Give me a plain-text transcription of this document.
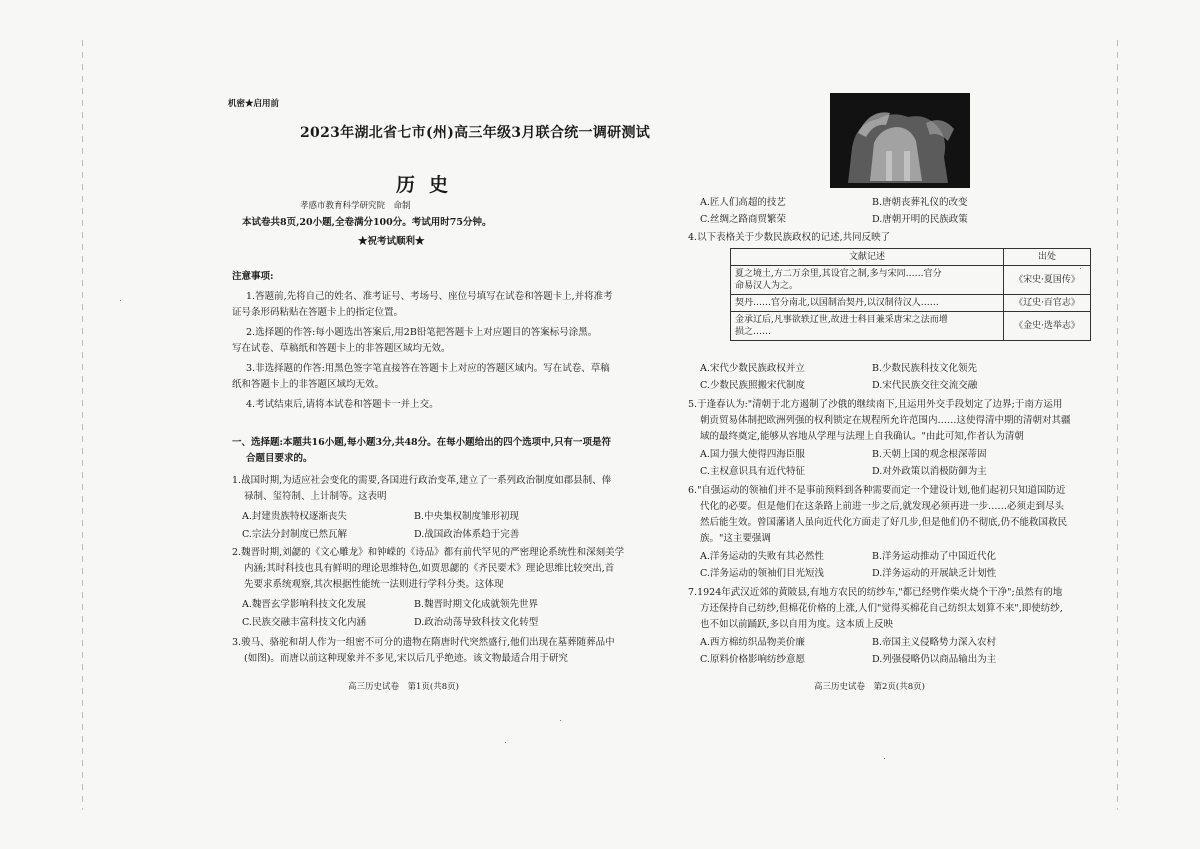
机密★启用前
2023年湖北省七市(州)高三年级3月联合统一调研测试
历史
孝感市教育科学研究院　命制
本试卷共8页,20小题,全卷满分100分。考试用时75分钟。
★祝考试顺利★
注意事项:
1.答题前,先将自己的姓名、准考证号、考场号、座位号填写在试卷和答题卡上,并将准考
证号条形码粘贴在答题卡上的指定位置。
2.选择题的作答:每小题选出答案后,用2B铅笔把答题卡上对应题目的答案标号涂黑。
写在试卷、草稿纸和答题卡上的非答题区域均无效。
3.非选择题的作答:用黑色签字笔直接答在答题卡上对应的答题区域内。写在试卷、草稿
纸和答题卡上的非答题区域均无效。
4.考试结束后,请将本试卷和答题卡一并上交。
一、选择题:本题共16小题,每小题3分,共48分。在每小题给出的四个选项中,只有一项是符
合题目要求的。
1.战国时期,为适应社会变化的需要,各国进行政治变革,建立了一系列政治制度如郡县制、俸
禄制、玺符制、上计制等。这表明
A.封建贵族特权逐渐丧失	B.中央集权制度雏形初现
C.宗法分封制度已然瓦解	D.战国政治体系趋于完善
2.魏晋时期,刘勰的《文心雕龙》和钟嵘的《诗品》都有前代罕见的严密理论系统性和深刻美学
内涵;其时科技也具有鲜明的理论思维特色,如贾思勰的《齐民要术》理论思维比较突出,首
先要求系统观察,其次根据性能统一法则进行学科分类。这体现
A.魏晋玄学影响科技文化发展	B.魏晋时期文化成就领先世界
C.民族交融丰富科技文化内涵	D.政治动荡导致科技文化转型
3.骏马、骆驼和胡人作为一组密不可分的遗物在隋唐时代突然盛行,他们出现在墓葬随葬品中
(如图)。而唐以前这种现象并不多见,宋以后几乎绝迹。该文物最适合用于研究
高三历史试卷　第1页(共8页)
A.匠人们高超的技艺	B.唐朝丧葬礼仪的改变
C.丝绸之路商贸繁荣	D.唐朝开明的民族政策
4.以下表格关于少数民族政权的记述,共同反映了
文献记述	出处

夏之境土,方二万余里,其设官之制,多与宋同……官分
命易汉人为之。	《宋史·夏国传》

契丹……官分南北,以国制治契丹,以汉制待汉人……	《辽史·百官志》

金承辽后,凡事欲轶辽世,故进士科目兼采唐宋之法而增
损之……	《金史·选举志》
A.宋代少数民族政权并立	B.少数民族科技文化领先
C.少数民族照搬宋代制度	D.宋代民族交往交流交融
5.于逢春认为:"清朝于北方遏制了沙俄的继续南下,且运用外交手段划定了边界;于南方运用
朝贡贸易体制把欧洲列强的权利锁定在规程所允许范围内……这使得清中期的清朝对其疆
域的最终奠定,能够从容地从学理与法理上自我确认。"由此可知,作者认为清朝
A.国力强大使得四海臣服	B.天朝上国的观念根深蒂固
C.主权意识具有近代特征	D.对外政策以消极防御为主
6."自强运动的领袖们并不是事前预料到各种需要而定一个建设计划,他们起初只知道国防近
代化的必要。但是他们在这条路上前进一步之后,就发现必须再进一步……必须走到尽头
然后能生效。曾国藩诸人虽向近代化方面走了好几步,但是他们仍不彻底,仍不能救国救民
族。"这主要强调
A.洋务运动的失败有其必然性	B.洋务运动推动了中国近代化
C.洋务运动的领袖们目光短浅	D.洋务运动的开展缺乏计划性
7.1924年武汉近郊的黄陂县,有地方农民的纺纱车,"都已经劈作柴火烧个干净";虽然有的地
方还保持自己纺纱,但棉花价格的上涨,人们"觉得买棉花自己纺织太划算不来",即使纺纱,
也不如以前踊跃,多以自用为度。这本质上反映
A.西方棉纺织品物美价廉	B.帝国主义侵略势力深入农村
C.原料价格影响纺纱意愿	D.列强侵略仍以商品输出为主
高三历史试卷　第2页(共8页)
